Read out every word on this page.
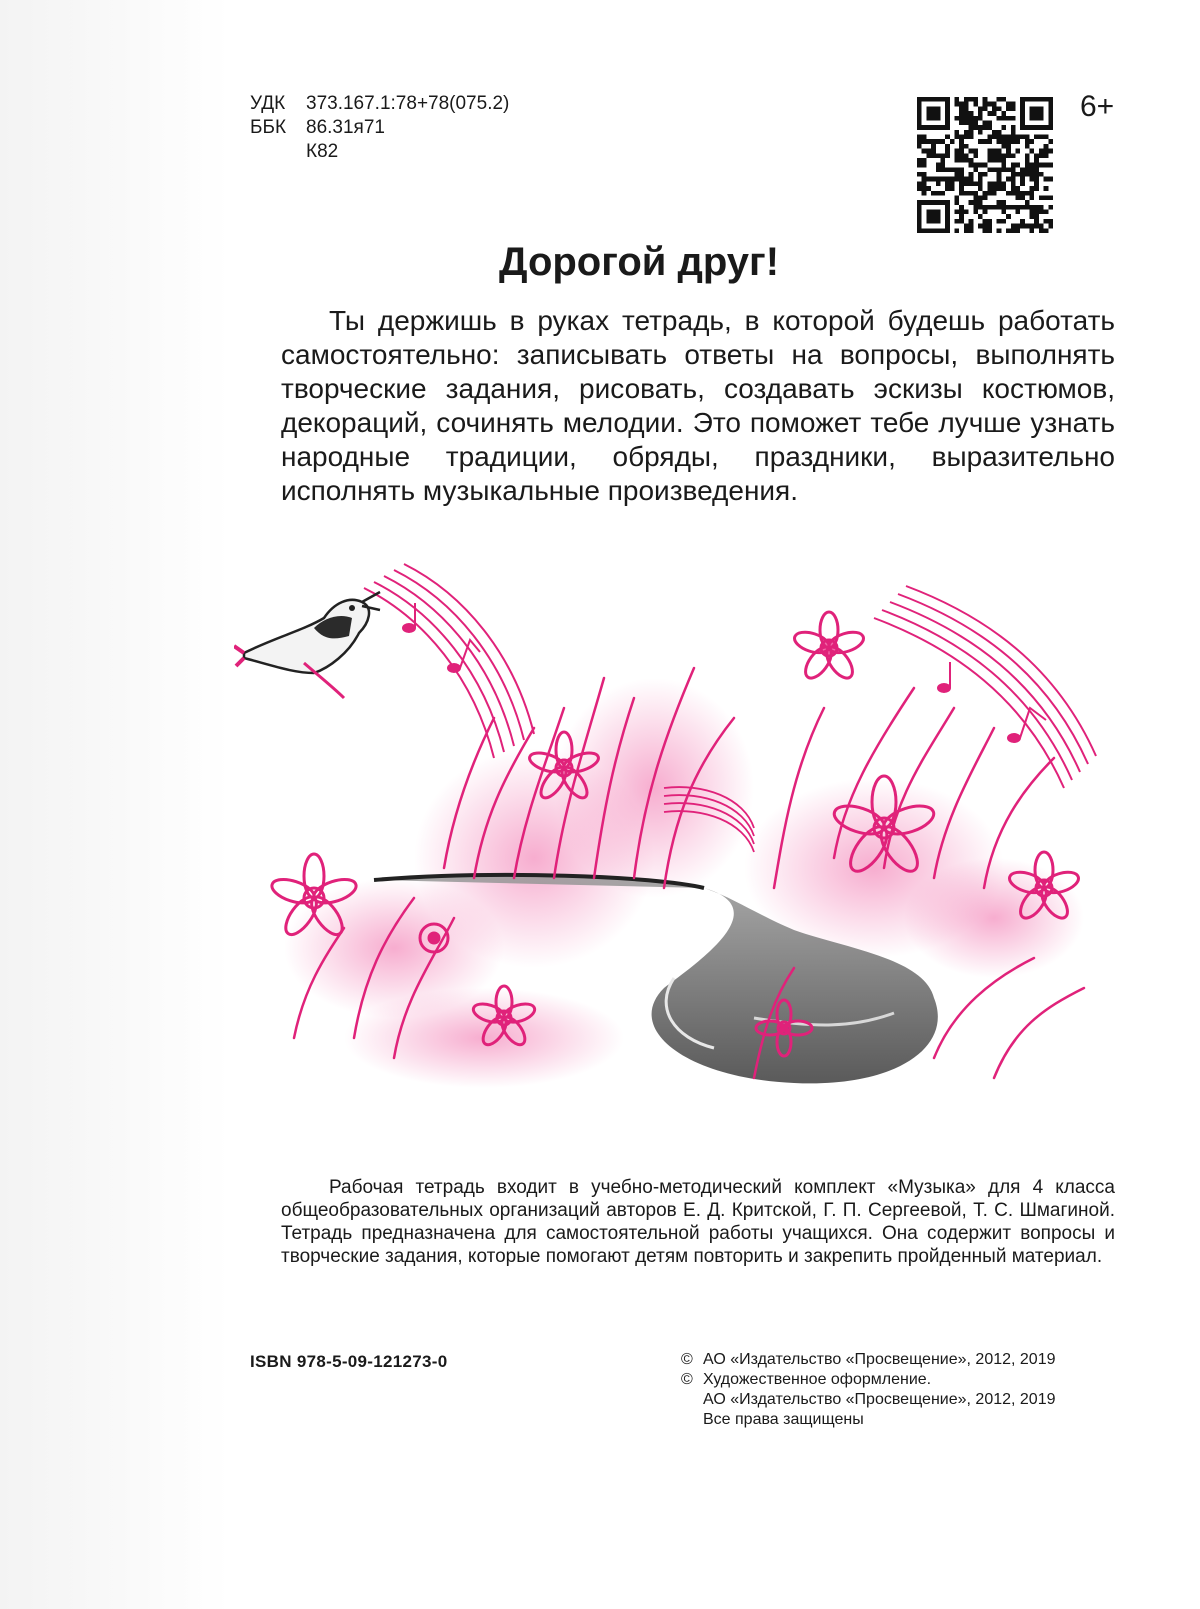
УДК	373.167.1:78+78(075.2)
ББК	86.31я71
К82
6+
Дорогой друг!

Ты держишь в руках тетрадь, в которой будешь работать самостоятельно: записывать ответы на вопросы, выполнять творческие задания, рисовать, создавать эскизы костюмов, декораций, сочинять мелодии. Это поможет тебе лучше узнать народные традиции, обряды, праздники, выразительно исполнять музыкальные произведения.

Рабочая тетрадь входит в учебно-методический комплект «Музыка» для 4 класса общеобразовательных организаций авторов Е. Д. Критской, Г. П. Сергеевой, Т. С. Шмагиной. Тетрадь предназначена для самостоятельной работы учащихся. Она содержит вопросы и творческие задания, которые помогают детям повторить и закрепить пройденный материал.

ISBN 978-5-09-121273-0	© АО «Издательство «Просвещение», 2012, 2019
© Художественное оформление.
АО «Издательство «Просвещение», 2012, 2019
Все права защищены
